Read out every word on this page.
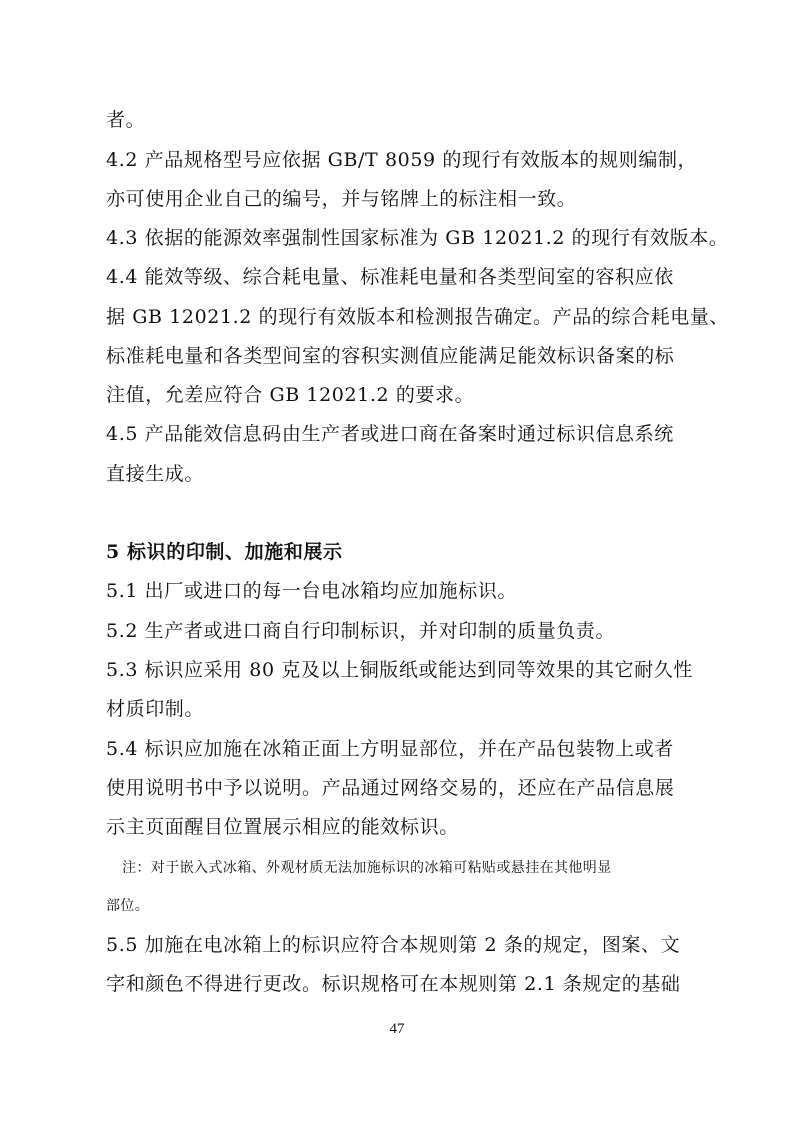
者。
4.2 产品规格型号应依据 GB/T 8059 的现行有效版本的规则编制，
亦可使用企业自己的编号，并与铭牌上的标注相一致。
4.3 依据的能源效率强制性国家标准为 GB 12021.2 的现行有效版本。
4.4 能效等级、综合耗电量、标准耗电量和各类型间室的容积应依
据 GB 12021.2 的现行有效版本和检测报告确定。产品的综合耗电量、
标准耗电量和各类型间室的容积实测值应能满足能效标识备案的标
注值，允差应符合 GB 12021.2 的要求。
4.5 产品能效信息码由生产者或进口商在备案时通过标识信息系统
直接生成。
5 标识的印制、加施和展示
5.1 出厂或进口的每一台电冰箱均应加施标识。
5.2 生产者或进口商自行印制标识，并对印制的质量负责。
5.3 标识应采用 80 克及以上铜版纸或能达到同等效果的其它耐久性
材质印制。
5.4 标识应加施在冰箱正面上方明显部位，并在产品包装物上或者
使用说明书中予以说明。产品通过网络交易的，还应在产品信息展
示主页面醒目位置展示相应的能效标识。
注：对于嵌入式冰箱、外观材质无法加施标识的冰箱可粘贴或悬挂在其他明显
部位。
5.5 加施在电冰箱上的标识应符合本规则第 2 条的规定，图案、文
字和颜色不得进行更改。标识规格可在本规则第 2.1 条规定的基础
47
